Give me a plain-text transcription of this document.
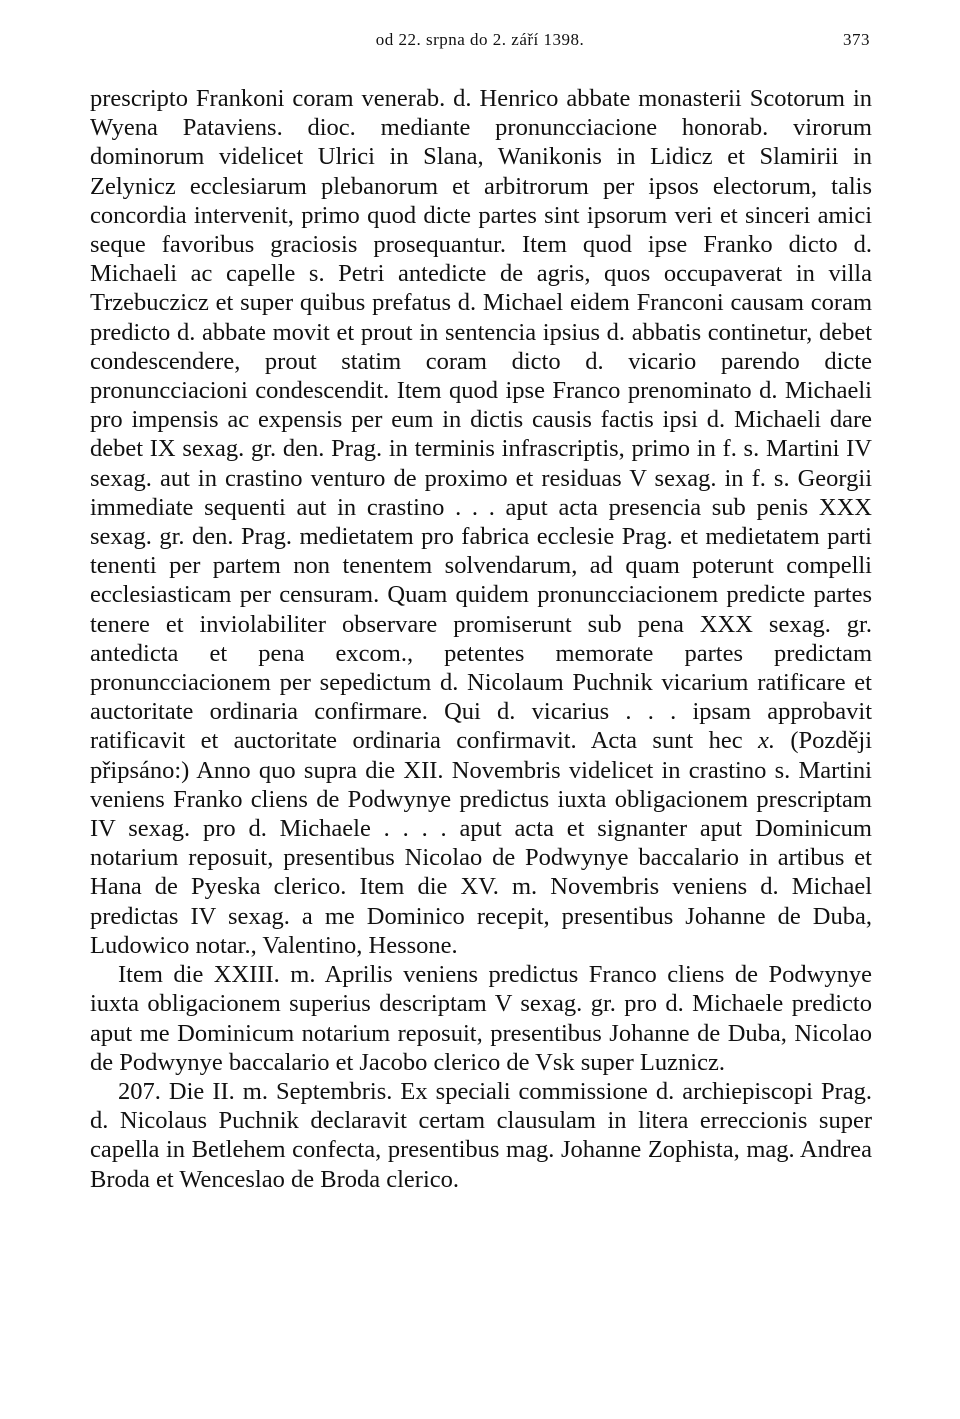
od 22. srpna do 2. září 1398.	373

prescripto Frankoni coram venerab. d. Henrico abbate monasterii Scotorum in Wyena Pataviens. dioc. mediante pronuncciacione honorab. virorum dominorum videlicet Ulrici in Slana, Wanikonis in Lidicz et Slamirii in Zelynicz ecclesiarum plebanorum et arbitrorum per ipsos electorum, talis concordia intervenit, primo quod dicte partes sint ipsorum veri et sinceri amici seque favoribus graciosis prosequantur. Item quod ipse Franko dicto d. Michaeli ac capelle s. Petri antedicte de agris, quos occupaverat in villa Trzebuczicz et super quibus prefatus d. Michael eidem Franconi causam coram predicto d. abbate movit et prout in sentencia ipsius d. abbatis continetur, debet condescendere, prout statim coram dicto d. vicario parendo dicte pronuncciacioni condescendit. Item quod ipse Franco prenominato d. Michaeli pro impensis ac expensis per eum in dictis causis factis ipsi d. Michaeli dare debet IX sexag. gr. den. Prag. in terminis infrascriptis, primo in f. s. Martini IV sexag. aut in crastino venturo de proximo et residuas V sexag. in f. s. Georgii immediate sequenti aut in crastino . . . aput acta presencia sub penis XXX sexag. gr. den. Prag. medietatem pro fabrica ecclesie Prag. et medietatem parti tenenti per partem non tenentem solvendarum, ad quam poterunt compelli ecclesiasticam per censuram. Quam quidem pronuncciacionem predicte partes tenere et inviolabiliter observare promiserunt sub pena XXX sexag. gr. antedicta et pena excom., petentes memorate partes predictam pronuncciacionem per sepedictum d. Nicolaum Puchnik vicarium ratificare et auctoritate ordinaria confirmare. Qui d. vicarius . . . ipsam approbavit ratificavit et auctoritate ordinaria confirmavit. Acta sunt hec x. (Později připsáno:) Anno quo supra die XII. Novembris videlicet in crastino s. Martini veniens Franko cliens de Podwynye predictus iuxta obligacionem prescriptam IV sexag. pro d. Michaele . . . . aput acta et signanter aput Dominicum notarium reposuit, presentibus Nicolao de Podwynye baccalario in artibus et Hana de Pyeska clerico. Item die XV. m. Novembris veniens d. Michael predictas IV sexag. a me Dominico recepit, presentibus Johanne de Duba, Ludowico notar., Valentino, Hessone.

Item die XXIII. m. Aprilis veniens predictus Franco cliens de Podwynye iuxta obligacionem superius descriptam V sexag. gr. pro d. Michaele predicto aput me Dominicum notarium reposuit, presentibus Johanne de Duba, Nicolao de Podwynye baccalario et Jacobo clerico de Vsk super Luznicz.

207. Die II. m. Septembris. Ex speciali commissione d. archiepiscopi Prag. d. Nicolaus Puchnik declaravit certam clausulam in litera erreccionis super capella in Betlehem confecta, presentibus mag. Johanne Zophista, mag. Andrea Broda et Wenceslao de Broda clerico.
